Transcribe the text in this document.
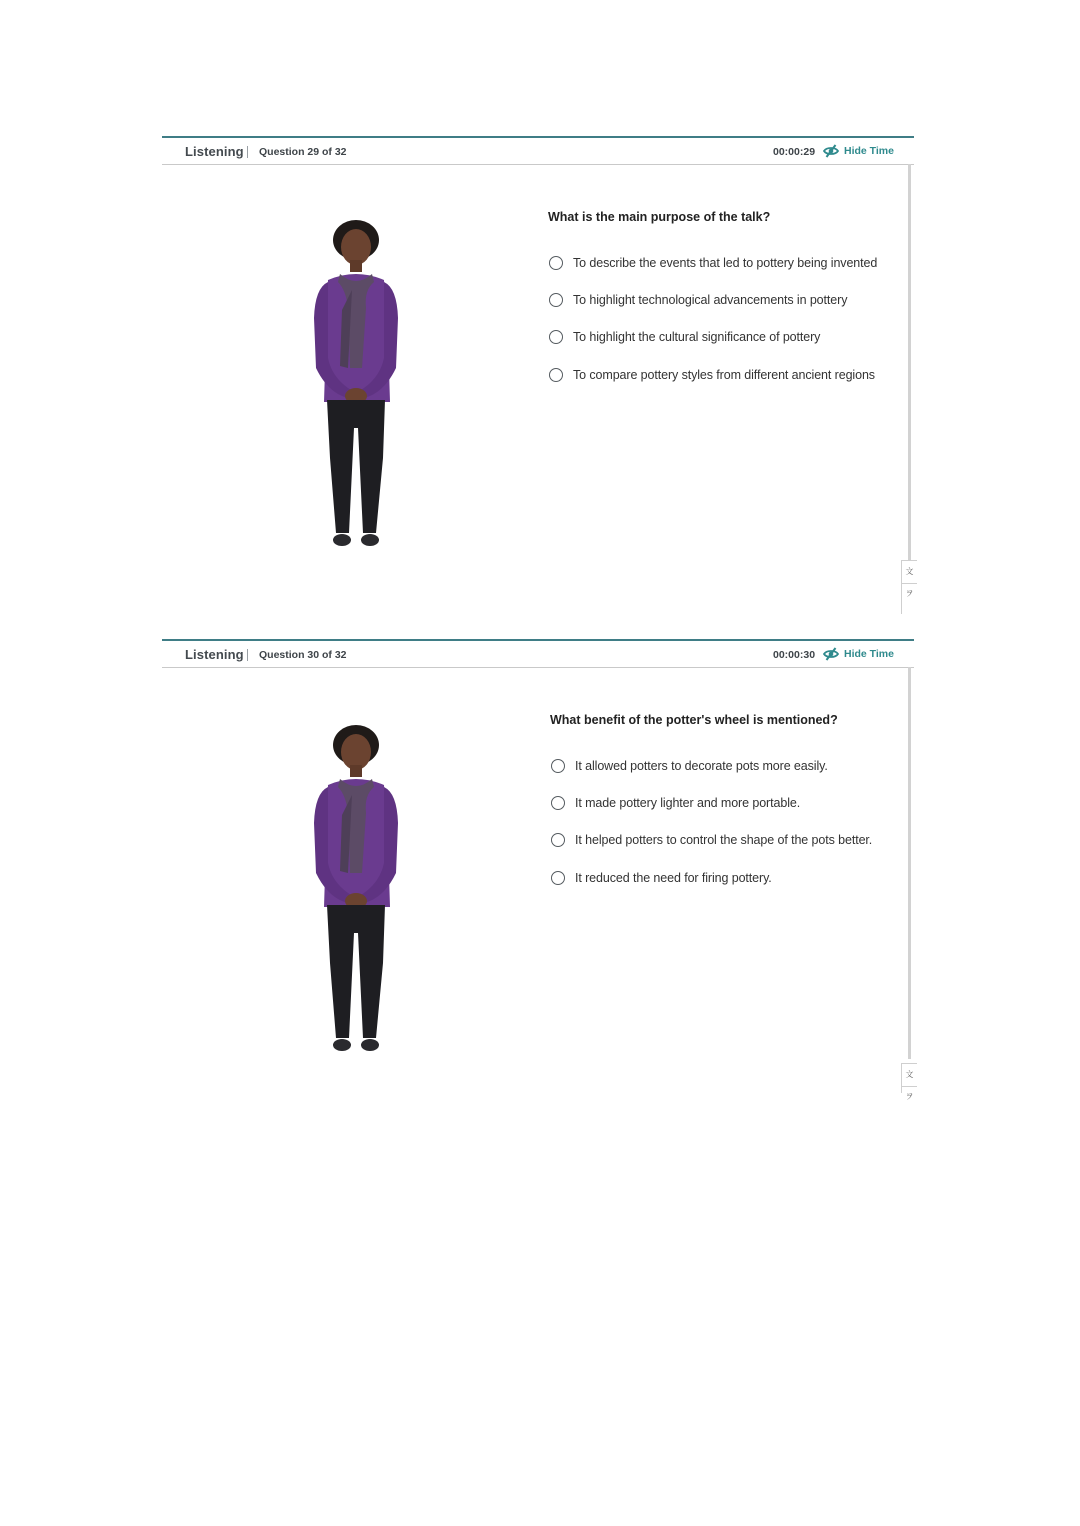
Listening Question 29 of 32	00:00:29	Hide Time
What is the main purpose of the talk?
To describe the events that led to pottery being invented
To highlight technological advancements in pottery
To highlight the cultural significance of pottery
To compare pottery styles from different ancient regions
文ヲ
Listening Question 30 of 32	00:00:30	Hide Time
What benefit of the potter's wheel is mentioned?
It allowed potters to decorate pots more easily.
It made pottery lighter and more portable.
It helped potters to control the shape of the pots better.
It reduced the need for firing pottery.
文ヲ
